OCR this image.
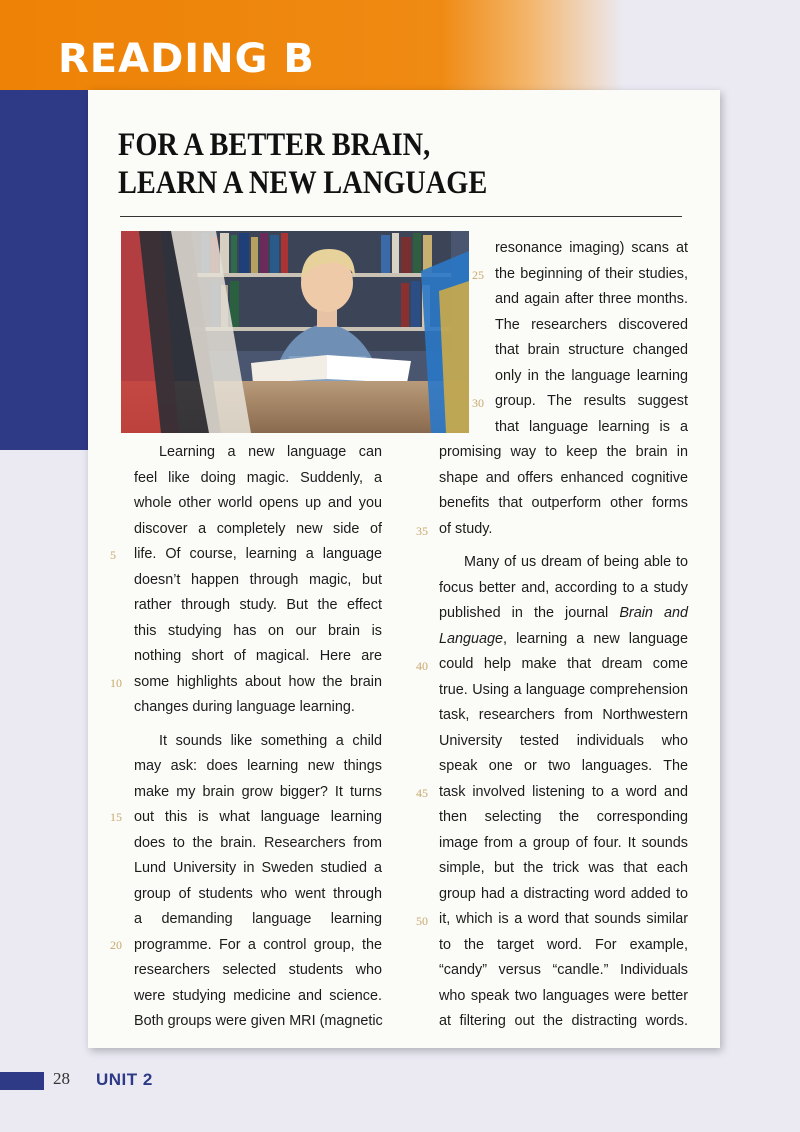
READING B
FOR A BETTER BRAIN,
LEARN A NEW LANGUAGE
resonance imaging) scans at
the beginning of their studies,
and again after three months.
The researchers discovered
that brain structure changed
only in the language learning
group. The results suggest
that language learning is a
Learning a new language can
feel like doing magic. Suddenly, a
whole other world opens up and you
discover a completely new side of
life. Of course, learning a language
doesn’t happen through magic, but
rather through study. But the effect
this studying has on our brain is
nothing short of magical. Here are
some highlights about how the brain
changes during language learning.
It sounds like something a child
may ask: does learning new things
make my brain grow bigger? It turns
out this is what language learning
does to the brain. Researchers from
Lund University in Sweden studied a
group of students who went through
a demanding language learning
programme. For a control group, the
researchers selected students who
were studying medicine and science.
Both groups were given MRI (magnetic
promising way to keep the brain in
shape and offers enhanced cognitive
benefits that outperform other forms
of study.
Many of us dream of being able to
focus better and, according to a study
published in the journal Brain and
Language, learning a new language
could help make that dream come
true. Using a language comprehension
task, researchers from Northwestern
University tested individuals who
speak one or two languages. The
task involved listening to a word and
then selecting the corresponding
image from a group of four. It sounds
simple, but the trick was that each
group had a distracting word added to
it, which is a word that sounds similar
to the target word. For example,
“candy” versus “candle.” Individuals
who speak two languages were better
at filtering out the distracting words.
5
10
15
20
25
30
35
40
45
50
28 UNIT 2
